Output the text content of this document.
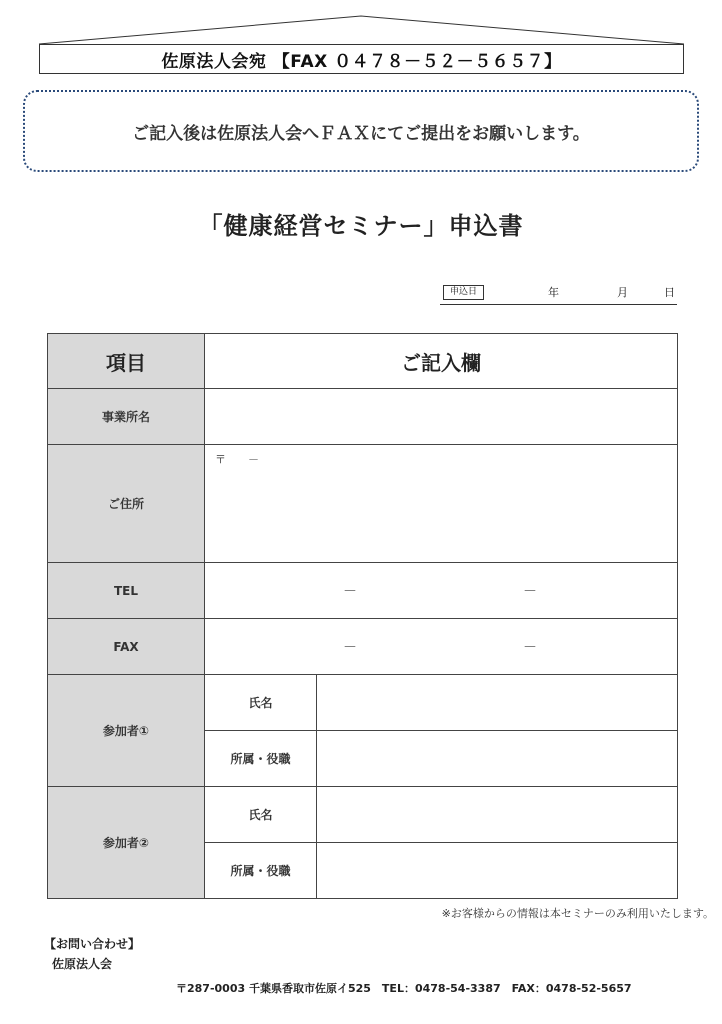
佐原法人会宛 【FAX ０４７８－５２－５６５７】
ご記入後は佐原法人会へＦＡＸにてご提出をお願いします。
「健康経営セミナー」申込書
申込日	年	月	日
項目	ご記入欄	
事業所名		
ご住所	〒　　－	

TEL	－ －	

FAX	－ －	

参加者①	氏名	
	所属・役職	
参加者②	氏名	
	所属・役職	
※お客様からの情報は本セミナーのみ利用いたします。
【お問い合わせ】
佐原法人会
〒287-0003 千葉県香取市佐原イ525　TEL：0478-54-3387　FAX：0478-52-5657
